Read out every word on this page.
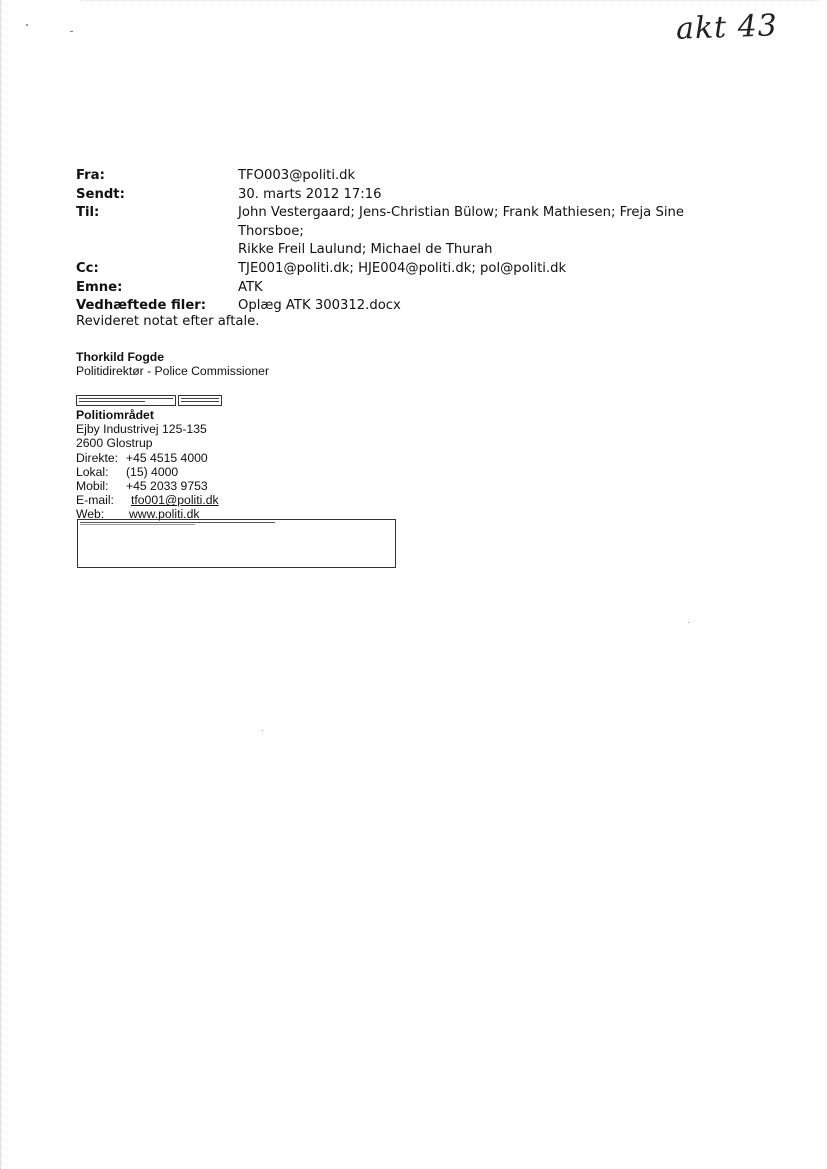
akt 43
Fra:	TFO003@politi.dk
Sendt:	30. marts 2012 17:16
Til:	John Vestergaard; Jens-Christian Bülow; Frank Mathiesen; Freja Sine Thorsboe;
Rikke Freil Laulund; Michael de Thurah
Cc:	TJE001@politi.dk; HJE004@politi.dk; pol@politi.dk
Emne:	ATK
Vedhæftede filer:	Oplæg ATK 300312.docx
Revideret notat efter aftale.
Thorkild Fogde
Politidirektør - Police Commissioner
Politiområdet
Ejby Industrivej 125-135
2600 Glostrup
Direkte: +45 4515 4000
Lokal:	(15) 4000
Mobil:	+45 2033 9753
E-mail:	tfo001@politi.dk
Web:	www.politi.dk
